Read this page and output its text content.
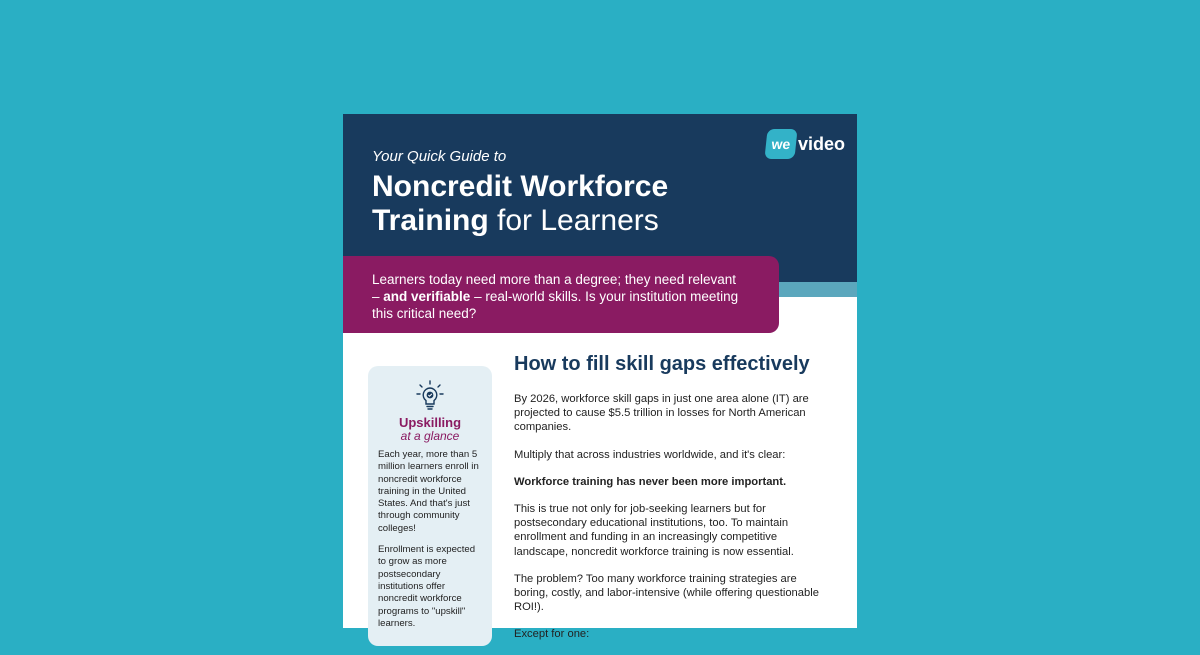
Your Quick Guide to
Noncredit Workforce
Training for Learners
we video
Learners today need more than a degree; they need relevant
– and verifiable – real-world skills. Is your institution meeting this critical need?
Upskilling
at a glance

Each year, more than 5 million learners enroll in noncredit workforce training in the United States. And that's just through community colleges!

Enrollment is expected to grow as more postsecondary institutions offer noncredit workforce programs to "upskill" learners.

How to fill skill gaps effectively

By 2026, workforce skill gaps in just one area alone (IT) are projected to cause $5.5 trillion in losses for North American companies.

Multiply that across industries worldwide, and it's clear:

Workforce training has never been more important.

This is true not only for job-seeking learners but for postsecondary educational institutions, too. To maintain enrollment and funding in an increasingly competitive landscape, noncredit workforce training is now essential.

The problem? Too many workforce training strategies are boring, costly, and labor-intensive (while offering questionable ROI!).

Except for one:
